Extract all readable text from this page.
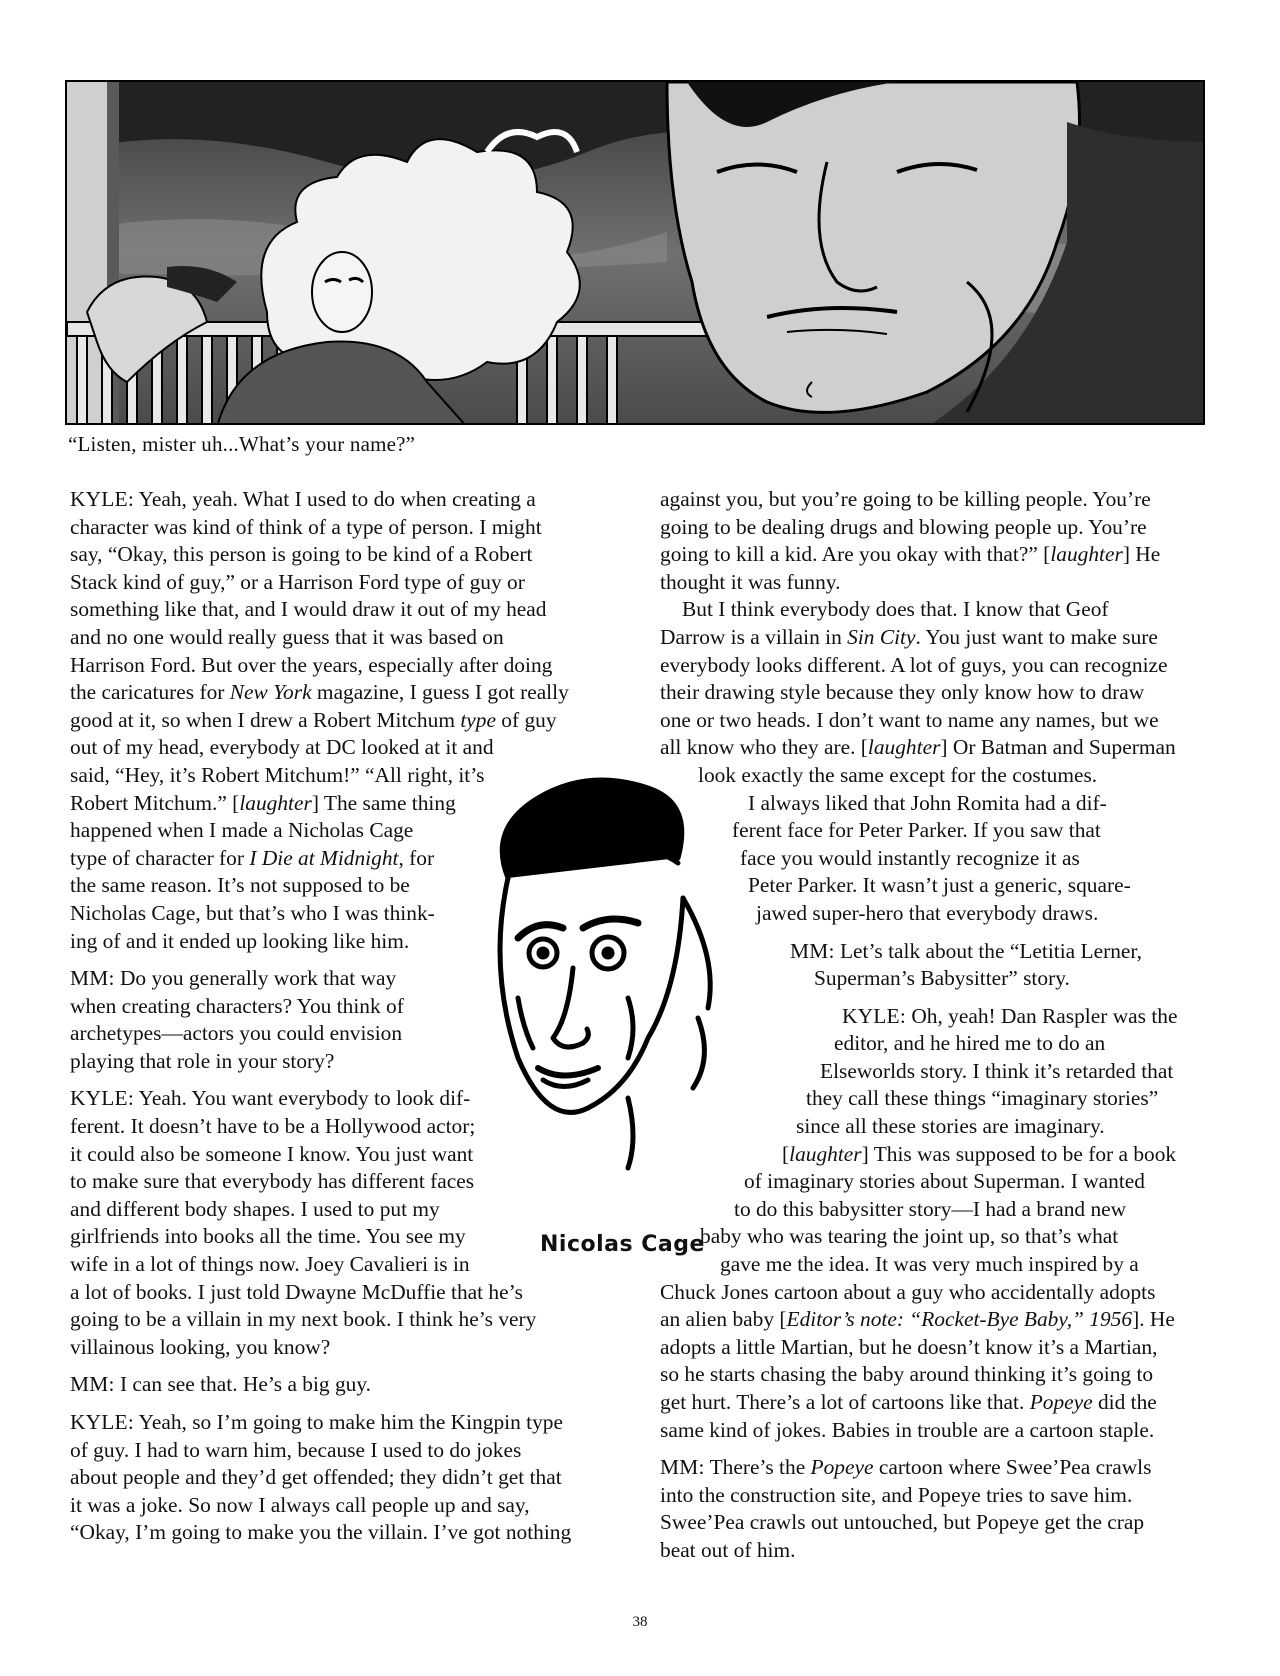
“Listen, mister uh...What’s your name?”

KYLE: Yeah, yeah. What I used to do when creating a
character was kind of think of a type of person. I might
say, “Okay, this person is going to be kind of a Robert
Stack kind of guy,” or a Harrison Ford type of guy or
something like that, and I would draw it out of my head
and no one would really guess that it was based on
Harrison Ford. But over the years, especially after doing
the caricatures for New York magazine, I guess I got really
good at it, so when I drew a Robert Mitchum type of guy
out of my head, everybody at DC looked at it and
said, “Hey, it’s Robert Mitchum!” “All right, it’s
Robert Mitchum.” [laughter] The same thing
happened when I made a Nicholas Cage
type of character for I Die at Midnight, for
the same reason. It’s not supposed to be
Nicholas Cage, but that’s who I was think-
ing of and it ended up looking like him.

MM: Do you generally work that way
when creating characters? You think of
archetypes—actors you could envision
playing that role in your story?

KYLE: Yeah. You want everybody to look dif-
ferent. It doesn’t have to be a Hollywood actor;
it could also be someone I know. You just want
to make sure that everybody has different faces
and different body shapes. I used to put my
girlfriends into books all the time. You see my
wife in a lot of things now. Joey Cavalieri is in
a lot of books. I just told Dwayne McDuffie that he’s
going to be a villain in my next book. I think he’s very
villainous looking, you know?

MM: I can see that. He’s a big guy.

KYLE: Yeah, so I’m going to make him the Kingpin type
of guy. I had to warn him, because I used to do jokes
about people and they’d get offended; they didn’t get that
it was a joke. So now I always call people up and say,
“Okay, I’m going to make you the villain. I’ve got nothing

against you, but you’re going to be killing people. You’re
going to be dealing drugs and blowing people up. You’re
going to kill a kid. Are you okay with that?” [laughter] He
thought it was funny.

But I think everybody does that. I know that Geof
Darrow is a villain in Sin City. You just want to make sure
everybody looks different. A lot of guys, you can recognize
their drawing style because they only know how to draw
one or two heads. I don’t want to name any names, but we
all know who they are. [laughter] Or Batman and Superman
look exactly the same except for the costumes.

I always liked that John Romita had a dif-
ferent face for Peter Parker. If you saw that
face you would instantly recognize it as
Peter Parker. It wasn’t just a generic, square-
jawed super-hero that everybody draws.

MM: Let’s talk about the “Letitia Lerner,
Superman’s Babysitter” story.

KYLE: Oh, yeah! Dan Raspler was the
editor, and he hired me to do an
Elseworlds story. I think it’s retarded that
they call these things “imaginary stories”
since all these stories are imaginary.
[laughter] This was supposed to be for a book
of imaginary stories about Superman. I wanted
to do this babysitter story—I had a brand new
baby who was tearing the joint up, so that’s what
gave me the idea. It was very much inspired by a
Chuck Jones cartoon about a guy who accidentally adopts
an alien baby [Editor’s note: “Rocket-Bye Baby,” 1956]. He
adopts a little Martian, but he doesn’t know it’s a Martian,
so he starts chasing the baby around thinking it’s going to
get hurt. There’s a lot of cartoons like that. Popeye did the
same kind of jokes. Babies in trouble are a cartoon staple.

MM: There’s the Popeye cartoon where Swee’Pea crawls
into the construction site, and Popeye tries to save him.
Swee’Pea crawls out untouched, but Popeye get the crap
beat out of him.

Nicolas Cage
38
